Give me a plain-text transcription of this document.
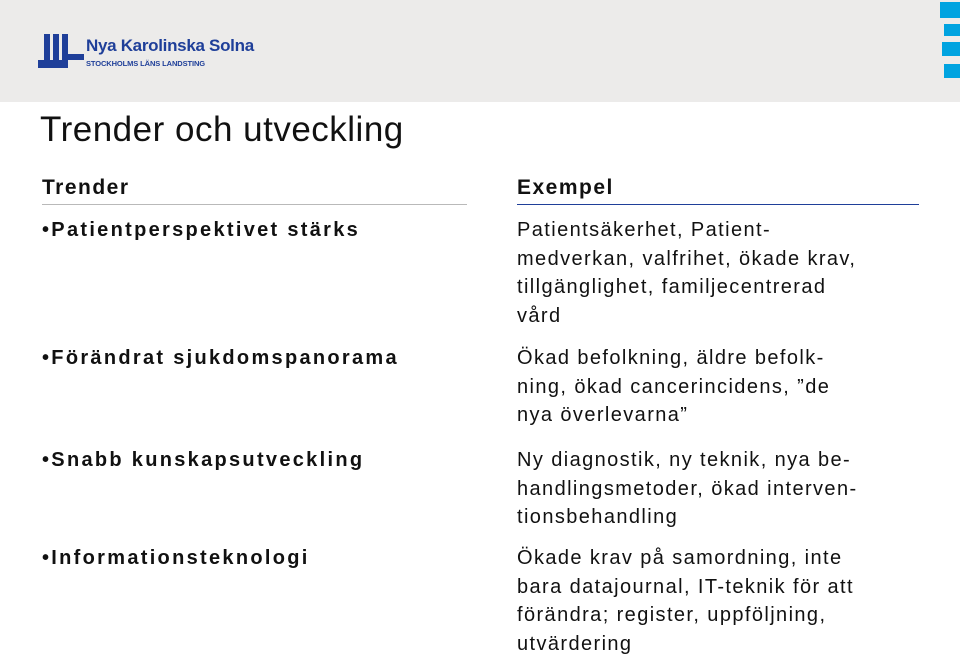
Nya Karolinska Solna
STOCKHOLMS LÄNS LANDSTING
Trender och utveckling
Trender	Exempel
•Patientperspektivet stärks	Patientsäkerhet, Patient-
medverkan, valfrihet, ökade krav,
tillgänglighet, familjecentrerad
vård
•Förändrat sjukdomspanorama	Ökad befolkning, äldre befolk-
ning, ökad cancerincidens, ”de
nya överlevarna”
•Snabb kunskapsutveckling	Ny diagnostik, ny teknik, nya be-
handlingsmetoder, ökad interven-
tionsbehandling
•Informationsteknologi	Ökade krav på samordning, inte
bara datajournal, IT-teknik för att
förändra; register, uppföljning,
utvärdering
